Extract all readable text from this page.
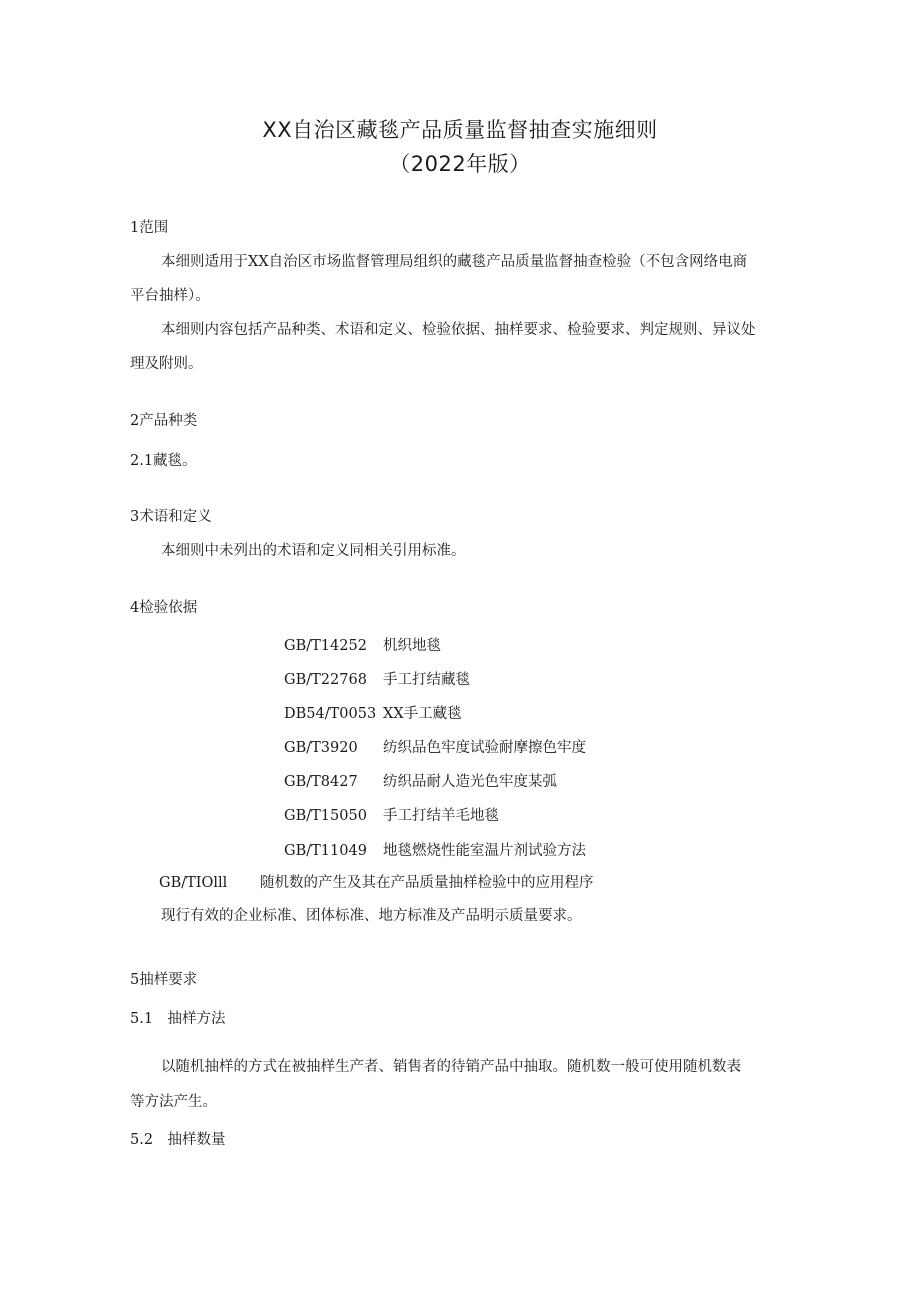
XX自治区藏毯产品质量监督抽查实施细则
（2022年版）
1范围
本细则适用于XX自治区市场监督管理局组织的藏毯产品质量监督抽查检验（不包含网络电商
平台抽样）。
本细则内容包括产品种类、术语和定义、检验依据、抽样要求、检验要求、判定规则、异议处
理及附则。
2产品种类
2.1藏毯。
3术语和定义
本细则中未列出的术语和定义同相关引用标准。
4检验依据
GB/T14252 机织地毯
GB/T22768 手工打结藏毯
DB54/T0053 XX手工藏毯
GB/T3920 纺织品色牢度试验耐摩擦色牢度
GB/T8427 纺织品耐人造光色牢度某弧
GB/T15050 手工打结羊毛地毯
GB/T11049 地毯燃烧性能室温片剂试验方法
GB/TIOlll 随机数的产生及其在产品质量抽样检验中的应用程序
现行有效的企业标准、团体标准、地方标准及产品明示质量要求。
5抽样要求
5.1　抽样方法
以随机抽样的方式在被抽样生产者、销售者的待销产品中抽取。随机数一般可使用随机数表
等方法产生。
5.2　抽样数量
